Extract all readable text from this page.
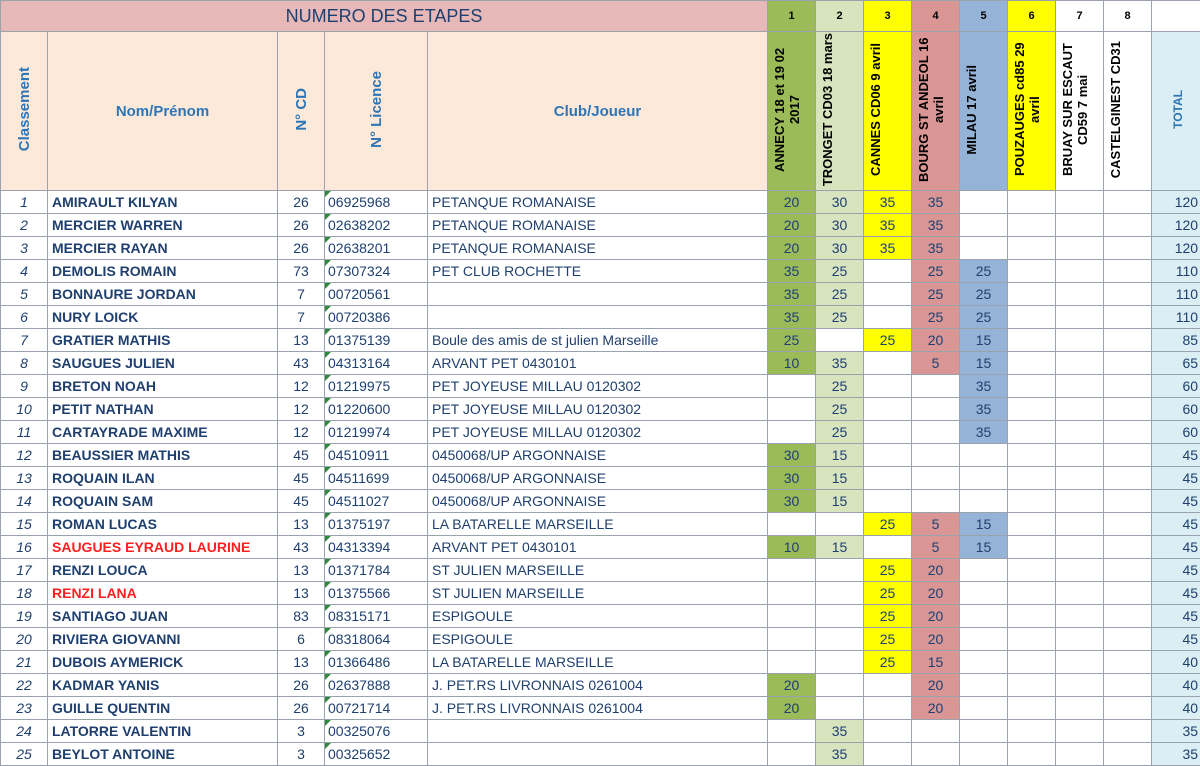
NUMERO DES ETAPES					1	2	3	4	5	6	7	8	
Classement	Nom/Prénom	N° CD	N° Licence	Club/Joueur	ANNECY 18 et 19 02 2017	TRONGET CD03 18 mars	CANNES CD06 9 avril	BOURG ST ANDEOL 16 avril	MILAU 17 avril	POUZAUGES cd85 29 avril	BRUAY SUR ESCAUT CD59 7 mai	CASTELGINEST CD31	TOTAL
1	AMIRAULT KILYAN	26	06925968	PETANQUE ROMANAISE	20	30	35	35					120
2	MERCIER WARREN	26	02638202	PETANQUE ROMANAISE	20	30	35	35					120
3	MERCIER RAYAN	26	02638201	PETANQUE ROMANAISE	20	30	35	35					120
4	DEMOLIS ROMAIN	73	07307324	PET CLUB ROCHETTE	35	25		25	25				110
5	BONNAURE JORDAN	7	00720561		35	25		25	25				110
6	NURY LOICK	7	00720386		35	25		25	25				110
7	GRATIER MATHIS	13	01375139	Boule des amis de st julien Marseille	25		25	20	15				85
8	SAUGUES JULIEN	43	04313164	ARVANT PET 0430101	10	35		5	15				65
9	BRETON NOAH	12	01219975	PET JOYEUSE MILLAU 0120302		25			35				60
10	PETIT NATHAN	12	01220600	PET JOYEUSE MILLAU 0120302		25			35				60
11	CARTAYRADE MAXIME	12	01219974	PET JOYEUSE MILLAU 0120302		25			35				60
12	BEAUSSIER MATHIS	45	04510911	0450068/UP ARGONNAISE	30	15							45
13	ROQUAIN ILAN	45	04511699	0450068/UP ARGONNAISE	30	15							45
14	ROQUAIN SAM	45	04511027	0450068/UP ARGONNAISE	30	15							45
15	ROMAN LUCAS	13	01375197	LA BATARELLE MARSEILLE			25	5	15				45
16	SAUGUES EYRAUD LAURINE	43	04313394	ARVANT PET 0430101	10	15		5	15				45
17	RENZI LOUCA	13	01371784	ST JULIEN MARSEILLE			25	20					45
18	RENZI LANA	13	01375566	ST JULIEN MARSEILLE			25	20					45
19	SANTIAGO JUAN	83	08315171	ESPIGOULE			25	20					45
20	RIVIERA GIOVANNI	6	08318064	ESPIGOULE			25	20					45
21	DUBOIS AYMERICK	13	01366486	LA BATARELLE MARSEILLE			25	15					40
22	KADMAR YANIS	26	02637888	J. PET.RS LIVRONNAIS 0261004	20			20					40
23	GUILLE QUENTIN	26	00721714	J. PET.RS LIVRONNAIS 0261004	20			20					40
24	LATORRE VALENTIN	3	00325076			35							35
25	BEYLOT ANTOINE	3	00325652			35							35
